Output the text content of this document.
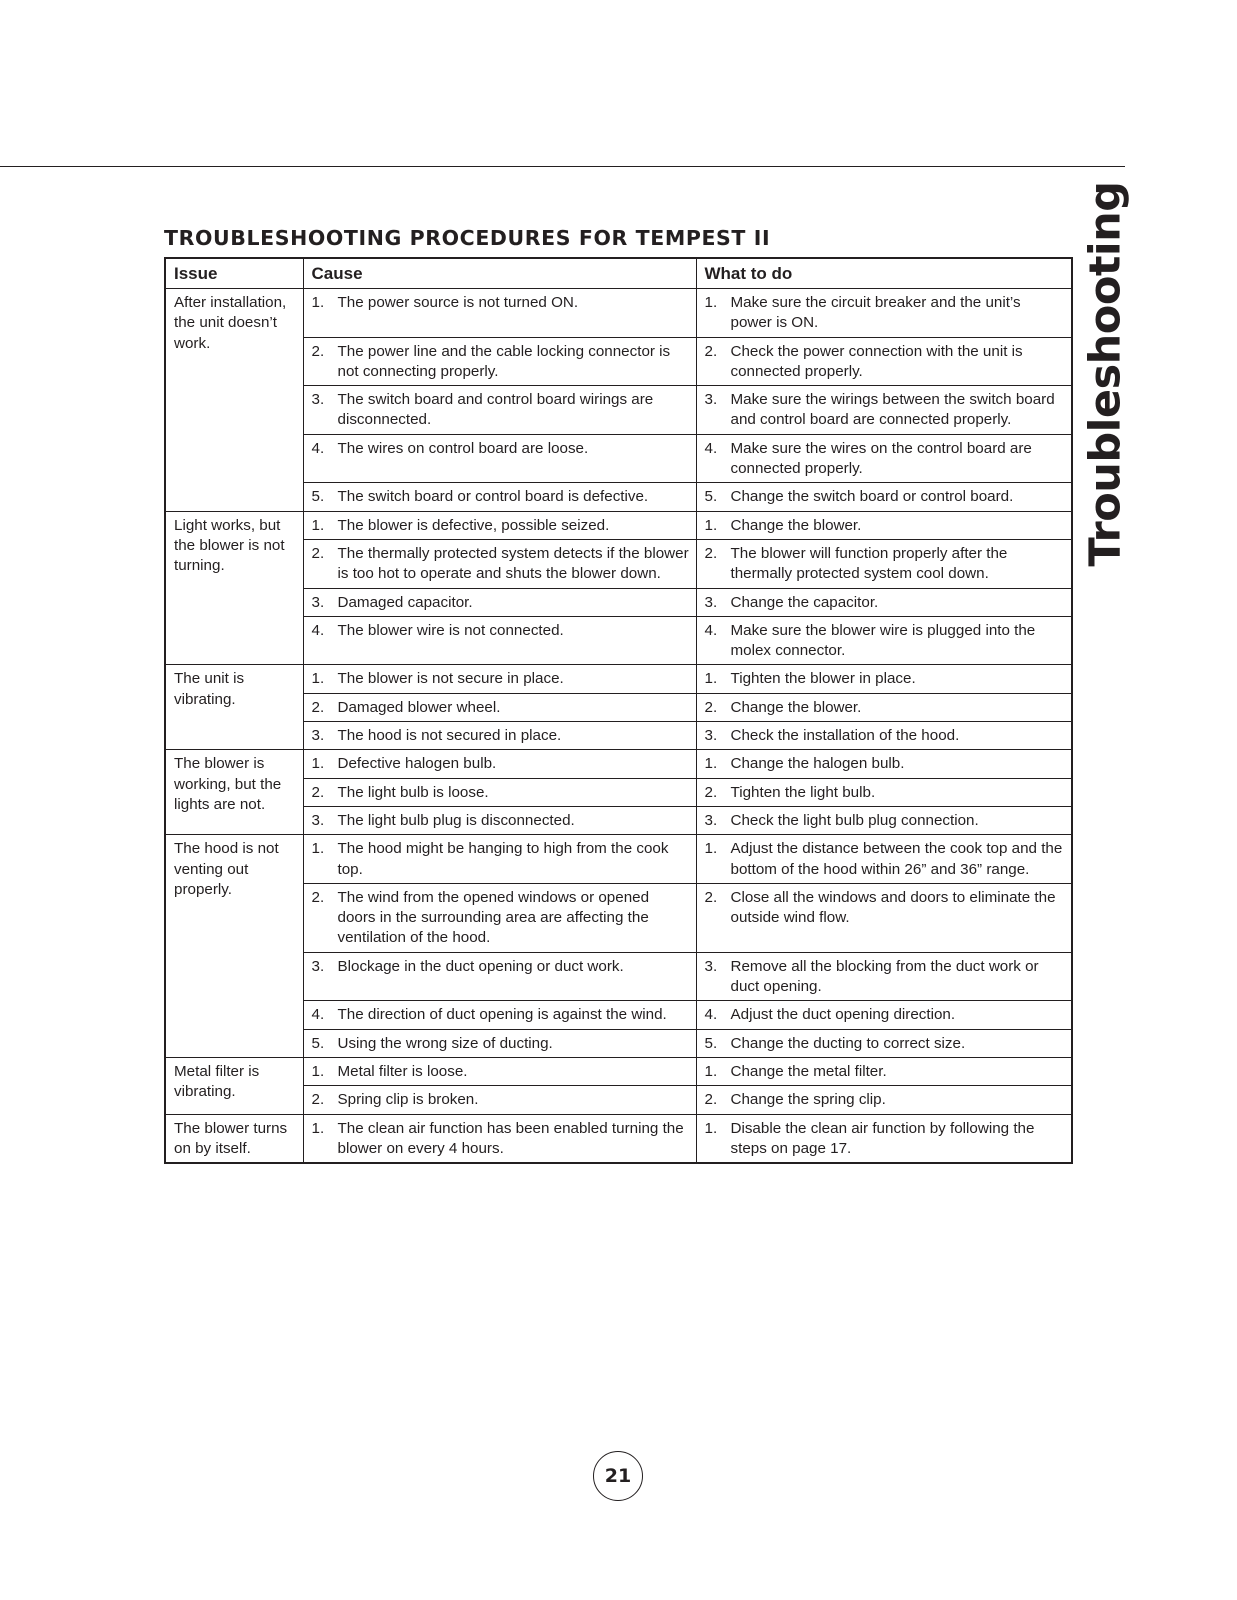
Troubleshooting
TROUBLESHOOTING PROCEDURES FOR TEMPEST II
Issue	Cause	What to do
After installation, the unit doesn’t work.	1. The power source is not turned ON.	1. Make sure the circuit breaker and the unit’s power is ON.

	2. The power line and the cable locking connector is not connecting properly.	2. Check the power connection with the unit is connected properly.

	3. The switch board and control board wirings are disconnected.	3. Make sure the wirings between the switch board and control board are connected properly.

	4. The wires on control board are loose.	4. Make sure the wires on the control board are connected properly.

	5. The switch board or control board is defective.	5. Change the switch board or control board.

Light works, but the blower is not turning.	1. The blower is defective, possible seized.	1. Change the blower.

	2. The thermally protected system detects if the blower is too hot to operate and shuts the blower down.	2. The blower will function properly after the thermally protected system cool down.

	3. Damaged capacitor.	3. Change the capacitor.

	4. The blower wire is not connected.	4. Make sure the blower wire is plugged into the molex connector.

The unit is vibrating.	1. The blower is not secure in place.	1. Tighten the blower in place.

	2. Damaged blower wheel.	2. Change the blower.

	3. The hood is not secured in place.	3. Check the installation of the hood.

The blower is working, but the lights are not.	1. Defective halogen bulb.	1. Change the halogen bulb.

	2. The light bulb is loose.	2. Tighten the light bulb.

	3. The light bulb plug is disconnected.	3. Check the light bulb plug connection.

The hood is not venting out properly.	1. The hood might be hanging to high from the cook top.	1. Adjust the distance between the cook top and the bottom of the hood within 26” and 36” range.

	2. The wind from the opened windows or opened doors in the surrounding area are affecting the ventilation of the hood.	2. Close all the windows and doors to eliminate the outside wind flow.

	3. Blockage in the duct opening or duct work.	3. Remove all the blocking from the duct work or duct opening.

	4. The direction of duct opening is against the wind.	4. Adjust the duct opening direction.

	5. Using the wrong size of ducting.	5. Change the ducting to correct size.

Metal filter is vibrating.	1. Metal filter is loose.	1. Change the metal filter.

	2. Spring clip is broken.	2. Change the spring clip.

The blower turns on by itself.	1. The clean air function has been enabled turning the blower on every 4 hours.	1. Disable the clean air function by following the steps on page 17.
21
